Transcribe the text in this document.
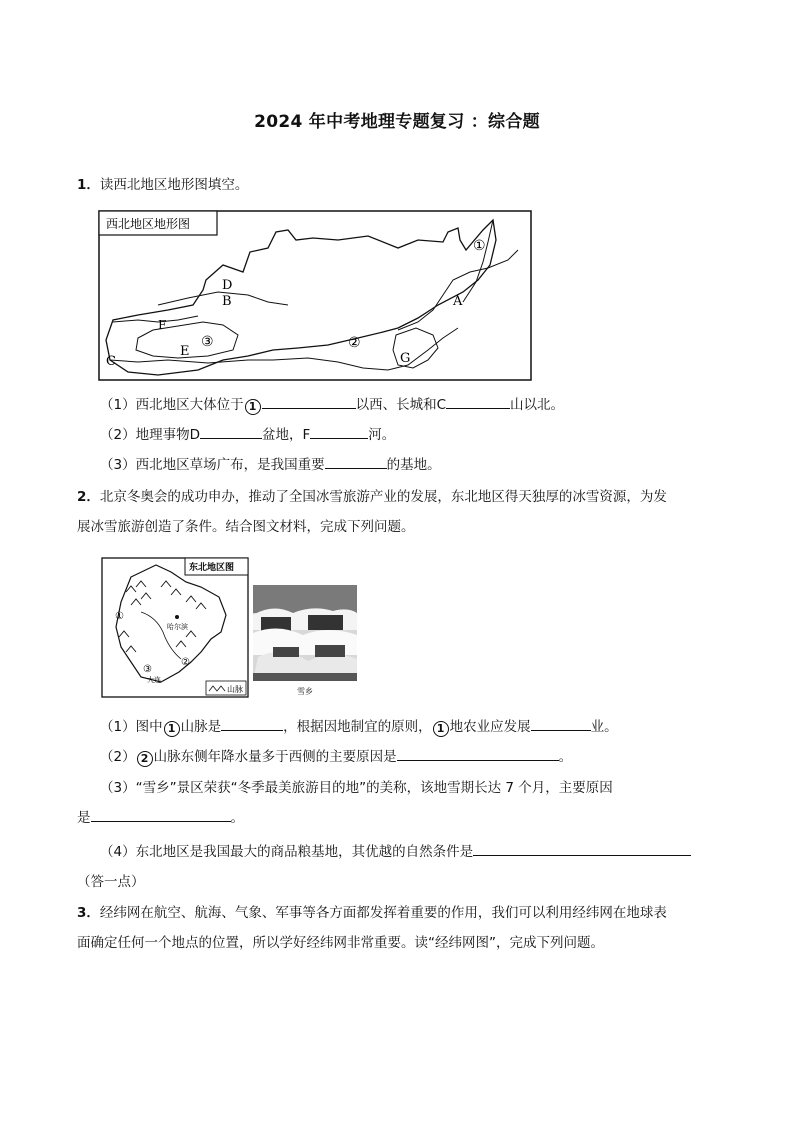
2024 年中考地理专题复习 ：综合题
1．读西北地区地形图填空。
西北地区地形图
D
B
F
E
C
A
G
①
②
③
（1）西北地区大体位于 1	以西、长城和C	山以北。
（2）地理事物D	盆地，F	河。
（3）西北地区草场广布，是我国重要	的基地。
2．北京冬奥会的成功申办，推动了全国冰雪旅游产业的发展，东北地区得天独厚的冰雪资源，为发
展冰雪旅游创造了条件。结合图文材料，完成下列问题。
东北地区图
哈尔滨
大连
①
②
③
山脉	雪乡
（1）图中 1 山脉是	，根据因地制宜的原则， 1 地农业应发展	业。
（2） 2 山脉东侧年降水量多于西侧的主要原因是	。
（3）“雪乡”景区荣获“冬季最美旅游目的地”的美称，该地雪期长达 7 个月，主要原因
是	。
（4）东北地区是我国最大的商品粮基地，其优越的自然条件是
（答一点）
3．经纬网在航空、航海、气象、军事等各方面都发挥着重要的作用，我们可以利用经纬网在地球表
面确定任何一个地点的位置，所以学好经纬网非常重要。读“经纬网图”，完成下列问题。
